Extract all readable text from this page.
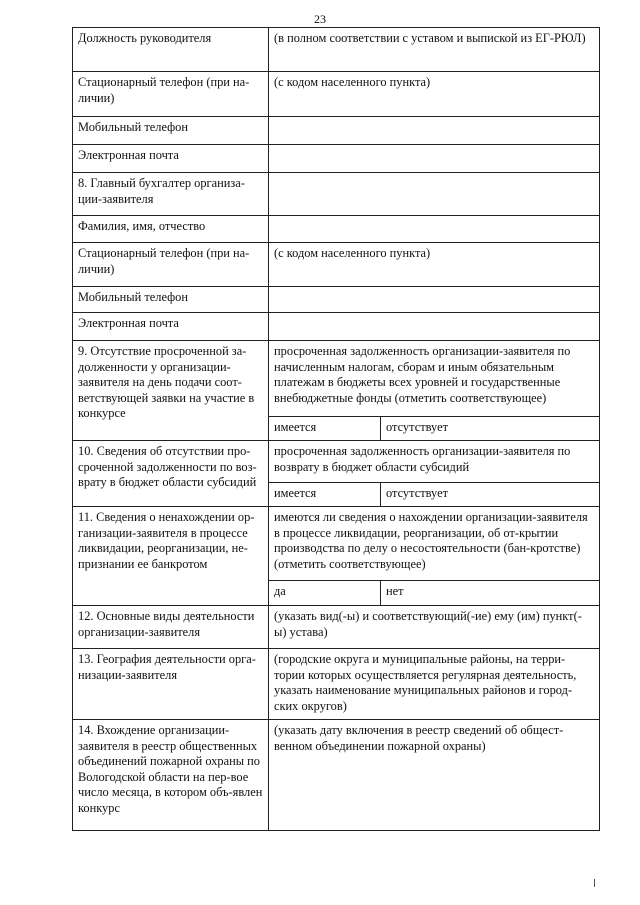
23
Должность руководителя	(в полном соответствии с уставом и выпиской из ЕГ-РЮЛ)	
Стационарный телефон (при на-личии)	(с кодом населенного пункта)	
Мобильный телефон		
Электронная почта		
8. Главный бухгалтер организа-ции-заявителя		
Фамилия, имя, отчество		
Стационарный телефон (при на-личии)	(с кодом населенного пункта)	
Мобильный телефон		
Электронная почта		
9. Отсутствие просроченной за-долженности у организации-заявителя на день подачи соот-ветствующей заявки на участие в конкурсе	просроченная задолженность организации-заявителя по начисленным налогам, сборам и иным обязательным платежам в бюджеты всех уровней и государственные внебюджетные фонды (отметить соответствующее)	
	имеется	отсутствует
10. Сведения об отсутствии про-сроченной задолженности по воз-врату в бюджет области субсидий	просроченная задолженность организации-заявителя по возврату в бюджет области субсидий	
	имеется	отсутствует
11. Сведения о ненахождении ор-ганизации-заявителя в процессе ликвидации, реорганизации, не-признании ее банкротом	имеются ли сведения о нахождении организации-заявителя в процессе ликвидации, реорганизации, об от-крытии производства по делу о несостоятельности (бан-кротстве) (отметить соответствующее)	
	да	нет
12. Основные виды деятельности организации-заявителя	(указать вид(-ы) и соответствующий(-ие) ему (им) пункт(-ы) устава)	
13. География деятельности орга-низации-заявителя	(городские округа и муниципальные районы, на терри-тории которых осуществляется регулярная деятельность, указать наименование муниципальных районов и город-ских округов)	
14. Вхождение организации-заявителя в реестр общественных объединений пожарной охраны по Вологодской области на пер-вое число месяца, в котором объ-явлен конкурс	(указать дату включения в реестр сведений об общест-венном объединении пожарной охраны)	
